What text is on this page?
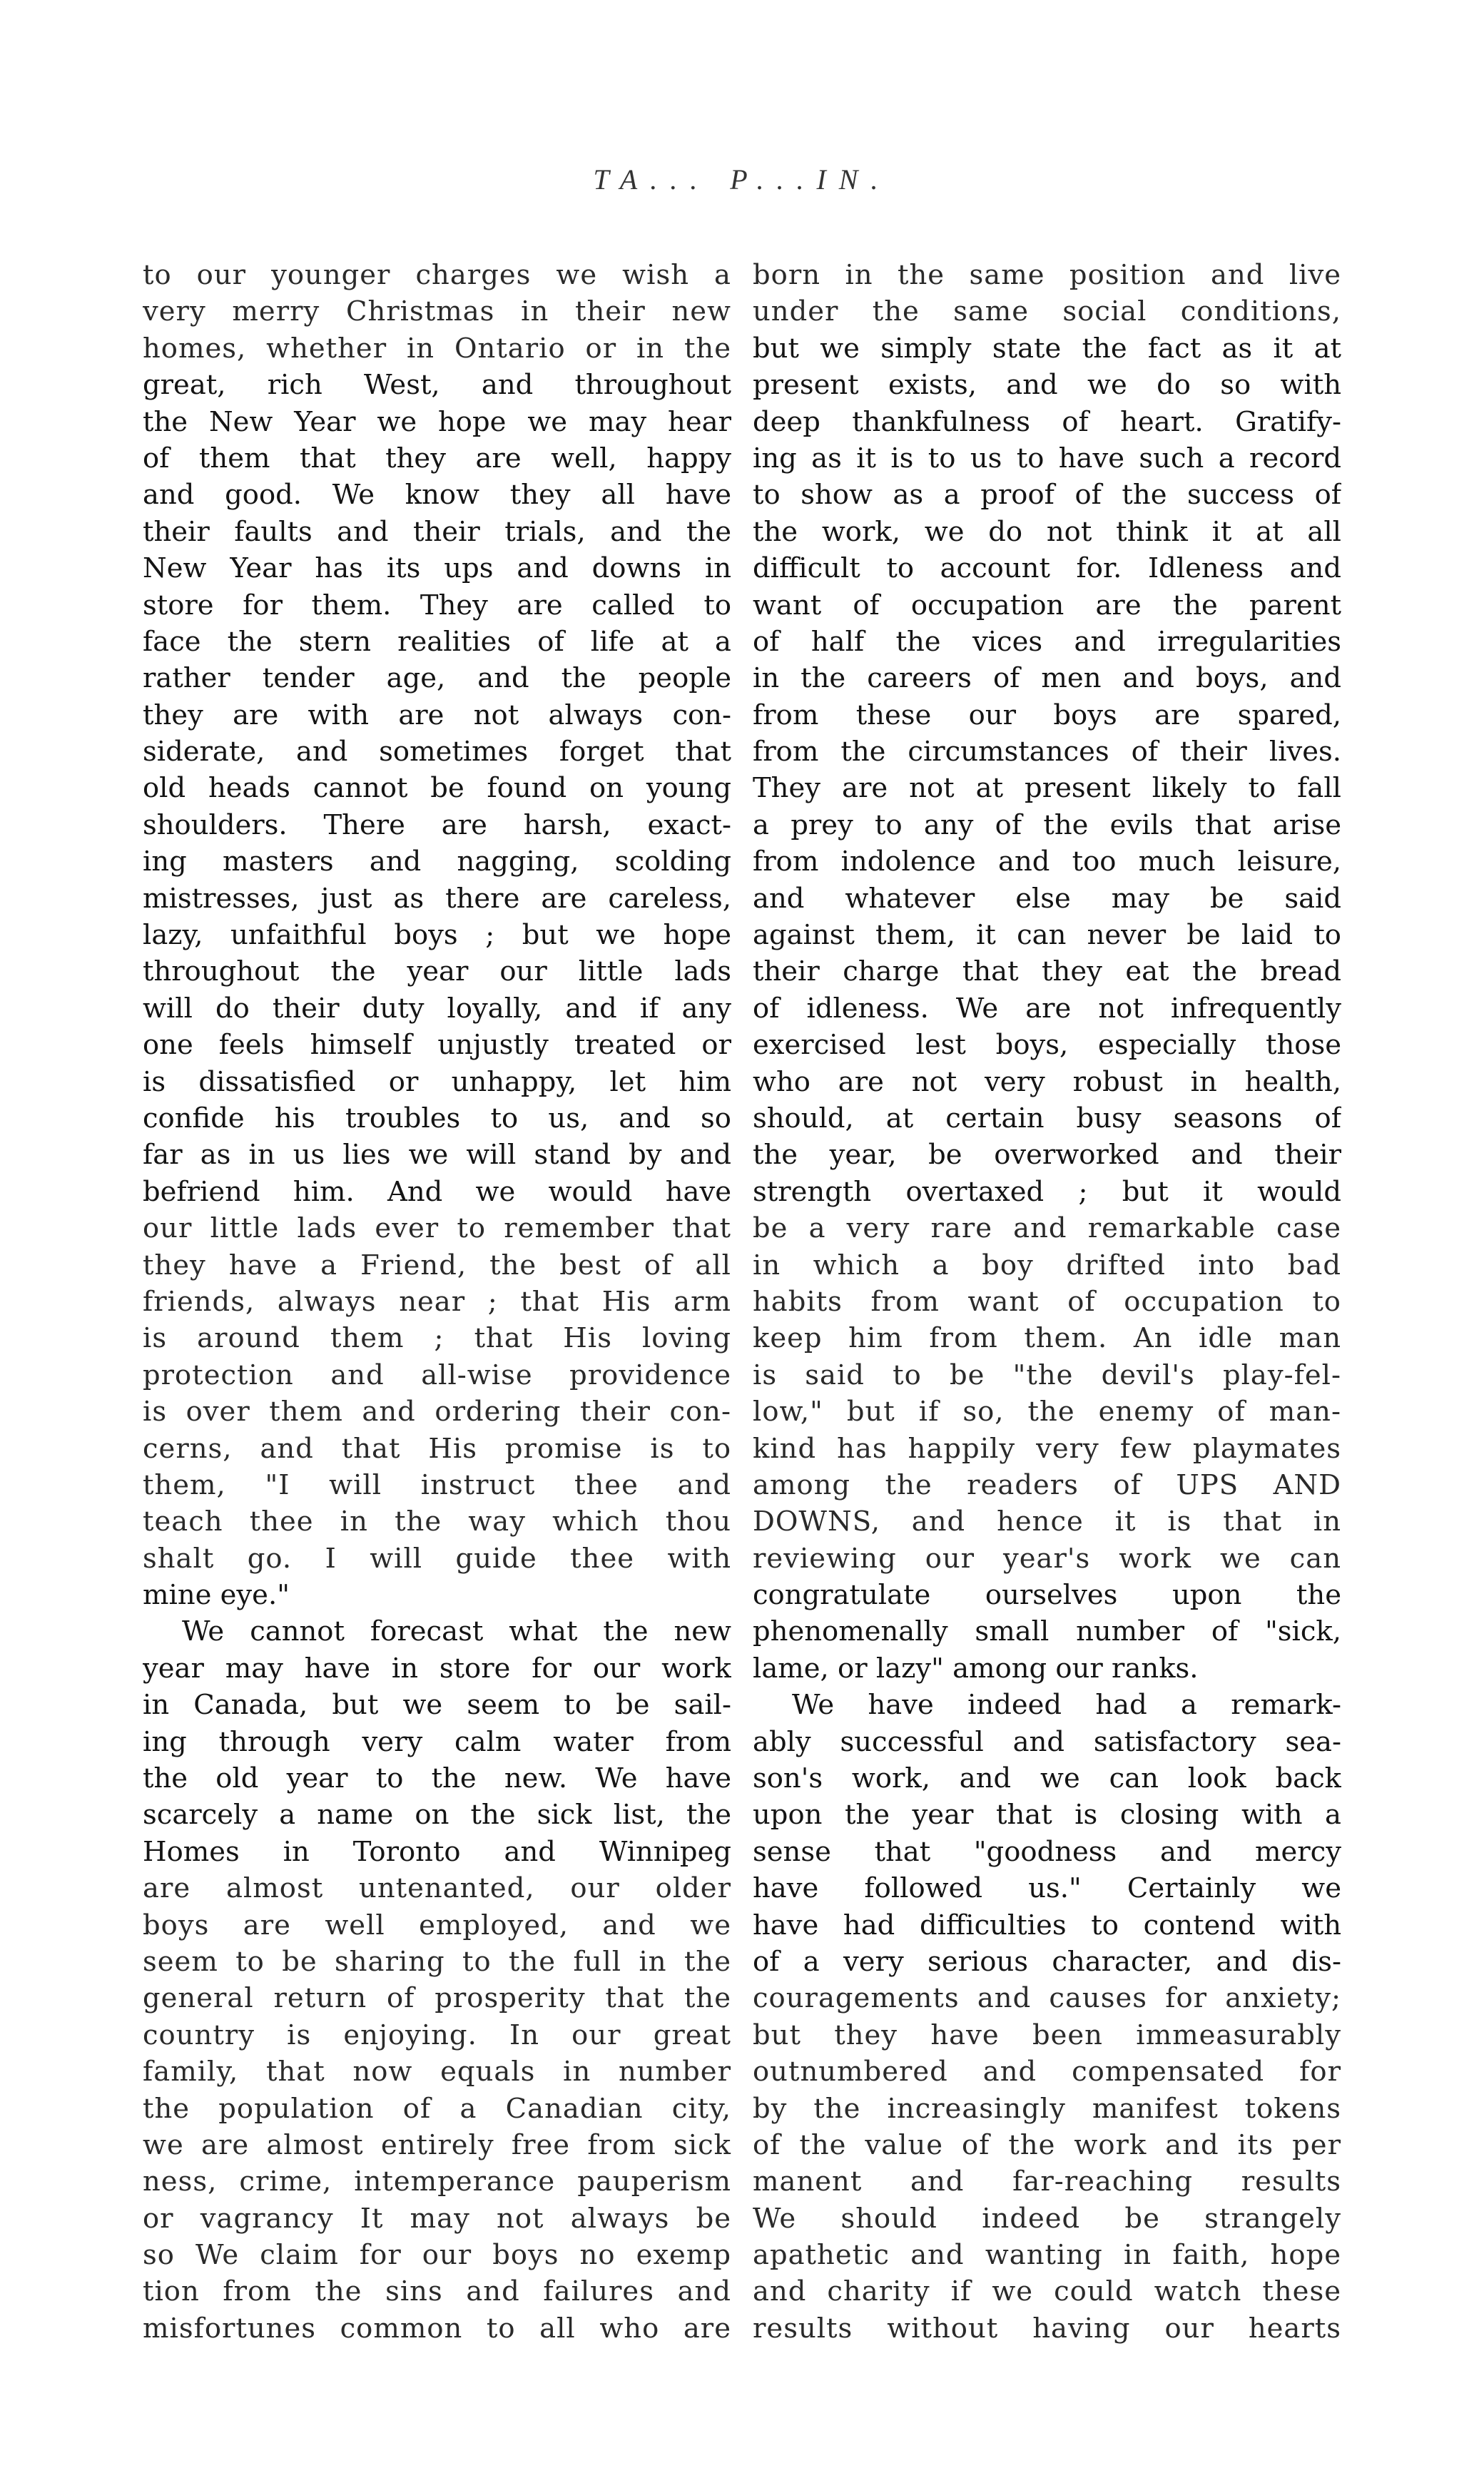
TA... P...IN.
to our younger charges we wish a
very merry Christmas in their new
homes, whether in Ontario or in the
great, rich West, and throughout
the New Year we hope we may hear
of them that they are well, happy
and good. We know they all have
their faults and their trials, and the
New Year has its ups and downs in
store for them. They are called to
face the stern realities of life at a
rather tender age, and the people
they are with are not always con-
siderate, and sometimes forget that
old heads cannot be found on young
shoulders. There are harsh, exact-
ing masters and nagging, scolding
mistresses, just as there are careless,
lazy, unfaithful boys ; but we hope
throughout the year our little lads
will do their duty loyally, and if any
one feels himself unjustly treated or
is dissatisfied or unhappy, let him
confide his troubles to us, and so
far as in us lies we will stand by and
befriend him. And we would have
our little lads ever to remember that
they have a Friend, the best of all
friends, always near ; that His arm
is around them ; that His loving
protection and all-wise providence
is over them and ordering their con-
cerns, and that His promise is to
them, "I will instruct thee and
teach thee in the way which thou
shalt go. I will guide thee with
mine eye."
We cannot forecast what the new
year may have in store for our work
in Canada, but we seem to be sail-
ing through very calm water from
the old year to the new. We have
scarcely a name on the sick list, the
Homes in Toronto and Winnipeg
are almost untenanted, our older
boys are well employed, and we
seem to be sharing to the full in the
general return of prosperity that the
country is enjoying. In our great
family, that now equals in number
the population of a Canadian city,
we are almost entirely free from sick
ness, crime, intemperance pauperism
or vagrancy It may not always be
so We claim for our boys no exemp
tion from the sins and failures and
misfortunes common to all who are
born in the same position and live
under the same social conditions,
but we simply state the fact as it at
present exists, and we do so with
deep thankfulness of heart. Gratify-
ing as it is to us to have such a record
to show as a proof of the success of
the work, we do not think it at all
difficult to account for. Idleness and
want of occupation are the parent
of half the vices and irregularities
in the careers of men and boys, and
from these our boys are spared,
from the circumstances of their lives.
They are not at present likely to fall
a prey to any of the evils that arise
from indolence and too much leisure,
and whatever else may be said
against them, it can never be laid to
their charge that they eat the bread
of idleness. We are not infrequently
exercised lest boys, especially those
who are not very robust in health,
should, at certain busy seasons of
the year, be overworked and their
strength overtaxed ; but it would
be a very rare and remarkable case
in which a boy drifted into bad
habits from want of occupation to
keep him from them. An idle man
is said to be "the devil's play-fel-
low," but if so, the enemy of man-
kind has happily very few playmates
among the readers of UPS AND
DOWNS, and hence it is that in
reviewing our year's work we can
congratulate ourselves upon the
phenomenally small number of "sick,
lame, or lazy" among our ranks.
We have indeed had a remark-
ably successful and satisfactory sea-
son's work, and we can look back
upon the year that is closing with a
sense that "goodness and mercy
have followed us." Certainly we
have had difficulties to contend with
of a very serious character, and dis-
couragements and causes for anxiety;
but they have been immeasurably
outnumbered and compensated for
by the increasingly manifest tokens
of the value of the work and its per
manent and far-reaching results
We should indeed be strangely
apathetic and wanting in faith, hope
and charity if we could watch these
results without having our hearts
